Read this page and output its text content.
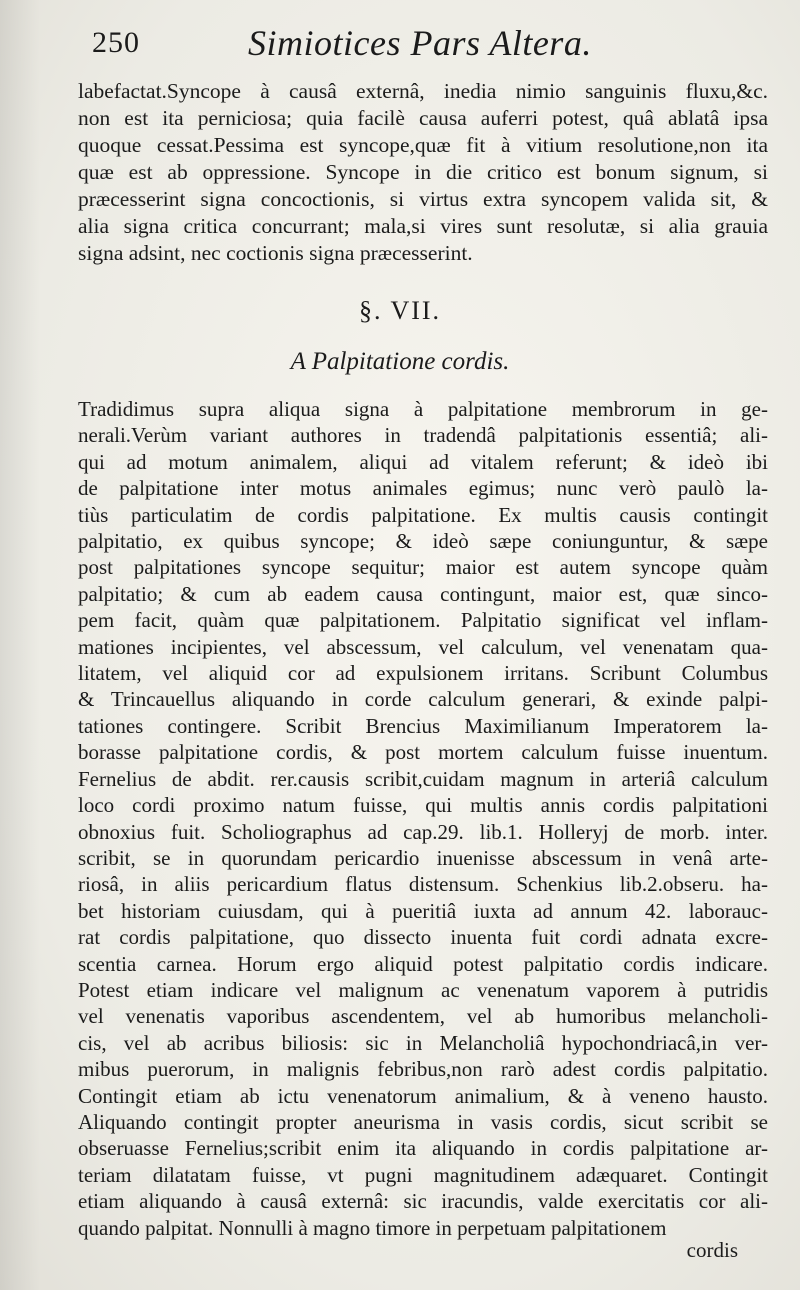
250	Simiotices Pars Altera.
labefactat.Syncope à causâ externâ, inedia nimio sanguinis fluxu,&c.
non est ita perniciosa; quia facilè causa auferri potest, quâ ablatâ ipsa
quoque cessat.Pessima est syncope,quæ fit à vitium resolutione,non ita
quæ est ab oppressione. Syncope in die critico est bonum signum, si
præcesserint signa concoctionis, si virtus extra syncopem valida sit, &
alia signa critica concurrant; mala,si vires sunt resolutæ, si alia grauia
signa adsint, nec coctionis signa præcesserint.
§. VII.
A Palpitatione cordis.
Tradidimus supra aliqua signa à palpitatione membrorum in ge-
nerali.Verùm variant authores in tradendâ palpitationis essentiâ; ali-
qui ad motum animalem, aliqui ad vitalem referunt; & ideò ibi
de palpitatione inter motus animales egimus; nunc verò paulò la-
tiùs particulatim de cordis palpitatione. Ex multis causis contingit
palpitatio, ex quibus syncope; & ideò sæpe coniunguntur, & sæpe
post palpitationes syncope sequitur; maior est autem syncope quàm
palpitatio; & cum ab eadem causa contingunt, maior est, quæ sinco-
pem facit, quàm quæ palpitationem. Palpitatio significat vel inflam-
mationes incipientes, vel abscessum, vel calculum, vel venenatam qua-
litatem, vel aliquid cor ad expulsionem irritans. Scribunt Columbus
& Trincauellus aliquando in corde calculum generari, & exinde palpi-
tationes contingere. Scribit Brencius Maximilianum Imperatorem la-
borasse palpitatione cordis, & post mortem calculum fuisse inuentum.
Fernelius de abdit. rer.causis scribit,cuidam magnum in arteriâ calculum
loco cordi proximo natum fuisse, qui multis annis cordis palpitationi
obnoxius fuit. Scholiographus ad cap.29. lib.1. Holleryj de morb. inter.
scribit, se in quorundam pericardio inuenisse abscessum in venâ arte-
riosâ, in aliis pericardium flatus distensum. Schenkius lib.2.obseru. ha-
bet historiam cuiusdam, qui à pueritiâ iuxta ad annum 42. laborauc-
rat cordis palpitatione, quo dissecto inuenta fuit cordi adnata excre-
scentia carnea. Horum ergo aliquid potest palpitatio cordis indicare.
Potest etiam indicare vel malignum ac venenatum vaporem à putridis
vel venenatis vaporibus ascendentem, vel ab humoribus melancholi-
cis, vel ab acribus biliosis: sic in Melancholiâ hypochondriacâ,in ver-
mibus puerorum, in malignis febribus,non rarò adest cordis palpitatio.
Contingit etiam ab ictu venenatorum animalium, & à veneno haustо.
Aliquando contingit propter aneurisma in vasis cordis, sicut scribit se
obseruasse Fernelius;scribit enim ita aliquando in cordis palpitatione ar-
teriam dilatatam fuisse, vt pugni magnitudinem adæquaret. Contingit
etiam aliquando à causâ externâ: sic iracundis, valde exercitatis cor ali-
quando palpitat. Nonnulli à magno timore in perpetuam palpitationem
cordis
